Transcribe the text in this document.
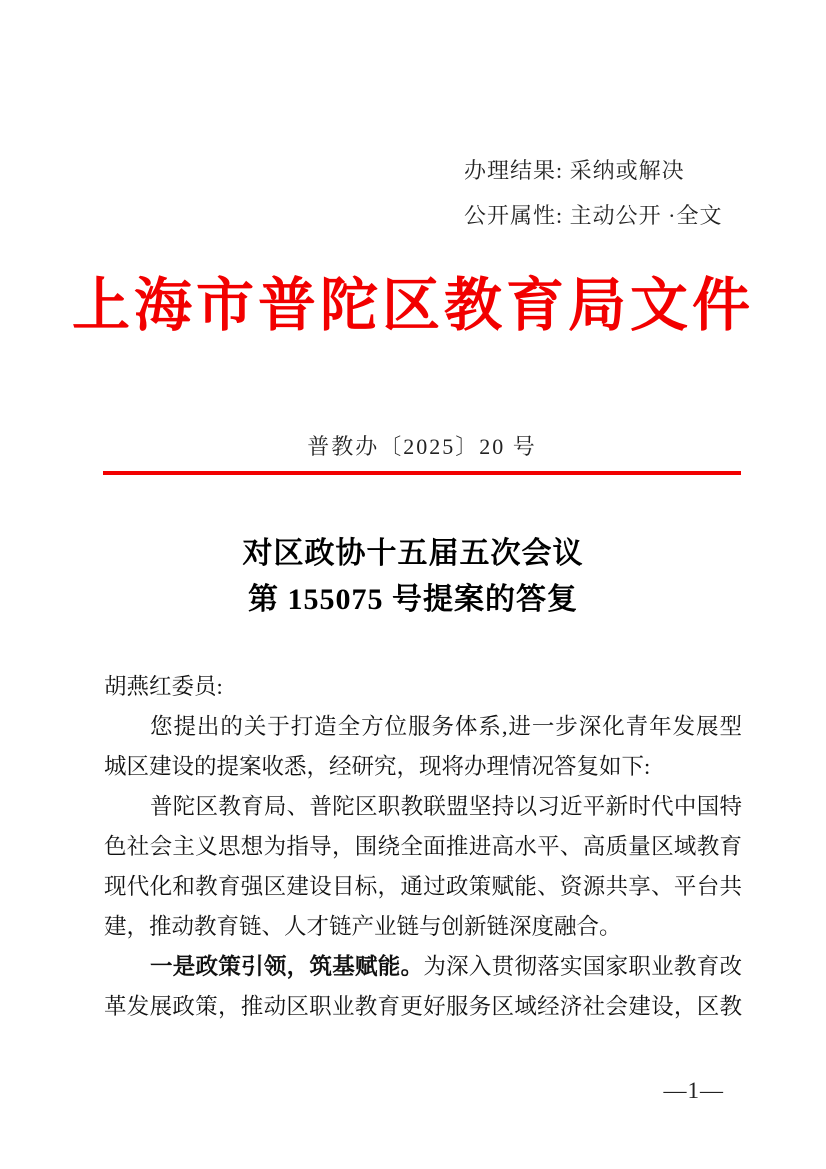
办理结果: 采纳或解决
公开属性: 主动公开 ·全文
上海市普陀区教育局文件
普教办〔2025〕20 号
对区政协十五届五次会议
第 155075 号提案的答复
胡燕红委员:
您提出的关于打造全方位服务体系,进一步深化青年发展型
城区建设的提案收悉，经研究，现将办理情况答复如下:
普陀区教育局、普陀区职教联盟坚持以习近平新时代中国特
色社会主义思想为指导，围绕全面推进高水平、高质量区域教育
现代化和教育强区建设目标，通过政策赋能、资源共享、平台共
建，推动教育链、人才链产业链与创新链深度融合。
一是政策引领，筑基赋能。为深入贯彻落实国家职业教育改
革发展政策，推动区职业教育更好服务区域经济社会建设，区教
—1—
